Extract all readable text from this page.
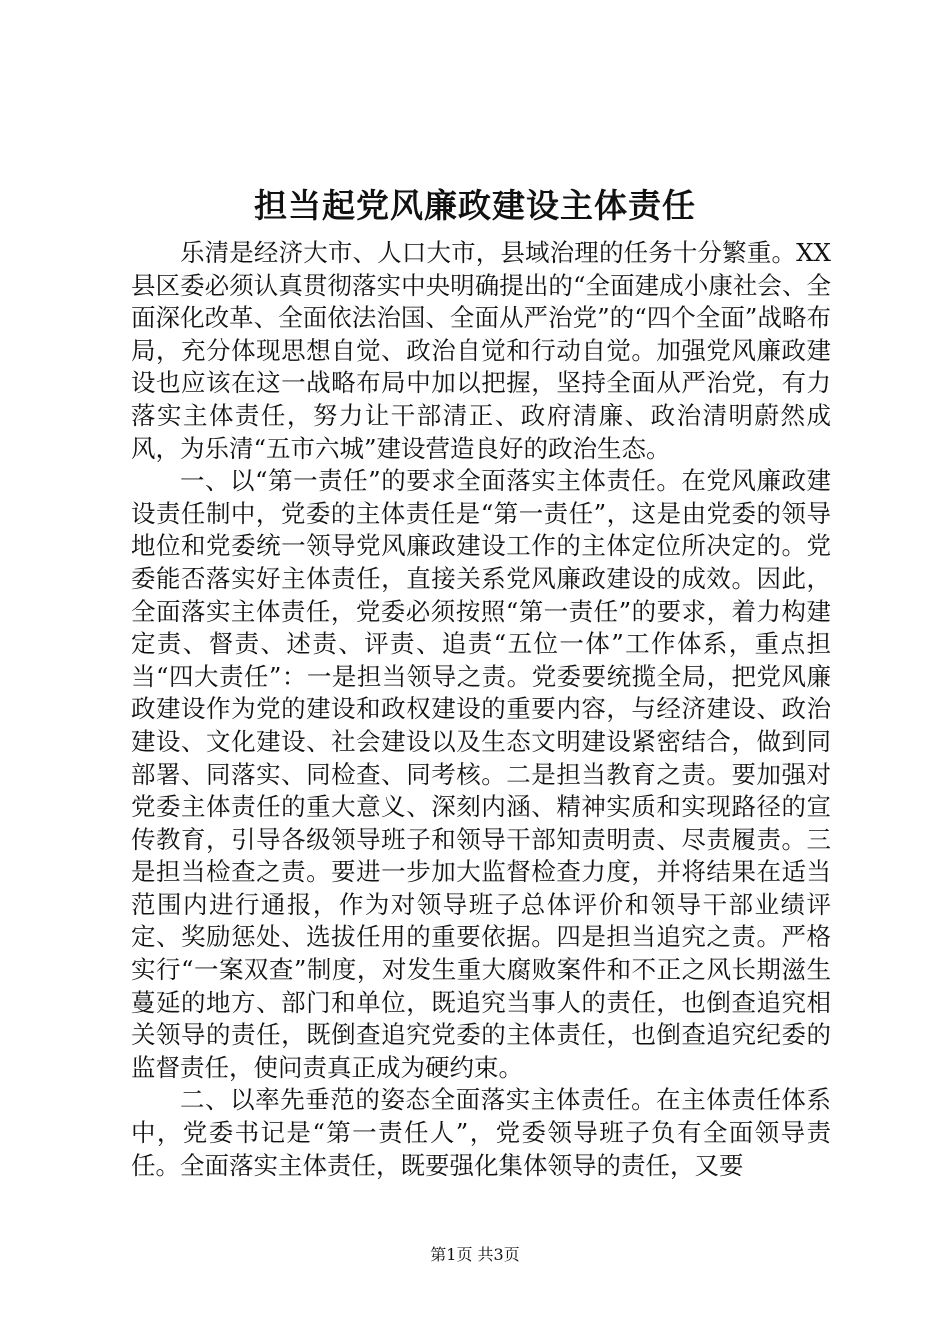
担当起党风廉政建设主体责任

乐清是经济大市、人口大市，县域治理的任务十分繁重。XX县区委必须认真贯彻落实中央明确提出的“全面建成小康社会、全面深化改革、全面依法治国、全面从严治党”的“四个全面”战略布局，充分体现思想自觉、政治自觉和行动自觉。加强党风廉政建设也应该在这一战略布局中加以把握，坚持全面从严治党，有力落实主体责任，努力让干部清正、政府清廉、政治清明蔚然成风，为乐清“五市六城”建设营造良好的政治生态。

一、以“第一责任”的要求全面落实主体责任。在党风廉政建设责任制中，党委的主体责任是“第一责任”，这是由党委的领导地位和党委统一领导党风廉政建设工作的主体定位所决定的。党委能否落实好主体责任，直接关系党风廉政建设的成效。因此，全面落实主体责任，党委必须按照“第一责任”的要求，着力构建定责、督责、述责、评责、追责“五位一体”工作体系，重点担当“四大责任”：一是担当领导之责。党委要统揽全局，把党风廉政建设作为党的建设和政权建设的重要内容，与经济建设、政治建设、文化建设、社会建设以及生态文明建设紧密结合，做到同部署、同落实、同检查、同考核。二是担当教育之责。要加强对党委主体责任的重大意义、深刻内涵、精神实质和实现路径的宣传教育，引导各级领导班子和领导干部知责明责、尽责履责。三是担当检查之责。要进一步加大监督检查力度，并将结果在适当范围内进行通报，作为对领导班子总体评价和领导干部业绩评定、奖励惩处、选拔任用的重要依据。四是担当追究之责。严格实行“一案双查”制度，对发生重大腐败案件和不正之风长期滋生蔓延的地方、部门和单位，既追究当事人的责任，也倒查追究相关领导的责任，既倒查追究党委的主体责任，也倒查追究纪委的监督责任，使问责真正成为硬约束。

二、以率先垂范的姿态全面落实主体责任。在主体责任体系中，党委书记是“第一责任人”，党委领导班子负有全面领导责任。全面落实主体责任，既要强化集体领导的责任，又要

第1页 共3页
